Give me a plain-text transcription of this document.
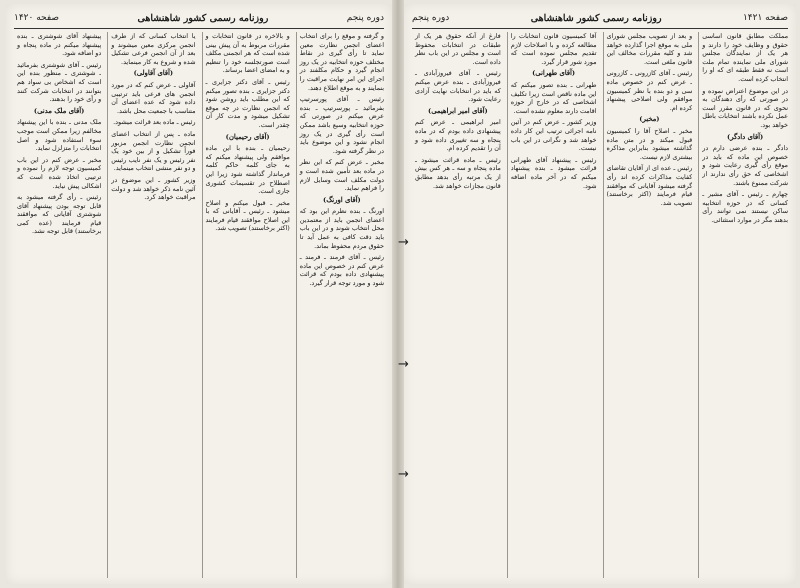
دوره پنجم
روزنامه رسمی کشور شاهنشاهی
صفحه ۱۴۲۰

و گرفته و موقع را برای انتخاب اعضای انجمن نظارت معین نماید تا رأی گیری در نقاط مختلف حوزه انتخابیه در یک روز انجام گیرد و حکام مکلفند در اجرای این امر نهایت مراقبت را بنمایند و به موقع اطلاع دهند.

رئیس ـ آقای پورسرتیپ بفرمائید ـ پورسرتیپ ـ بنده عرض میکنم در صورتی که حوزه انتخابیه وسیع باشد ممکن است رأی گیری در یک روز انجام نشود و این موضوع باید در نظر گرفته شود.

مخبر ـ عرض کنم که این نظر در ماده بعد تأمین شده است و دولت مکلف است وسایل لازم را فراهم نماید.

(آقای اورنگ)

اورنگ ـ بنده نظرم این بود که اعضای انجمن باید از معتمدین محل انتخاب شوند و در این باب باید دقت کافی به عمل آید تا حقوق مردم محفوظ بماند.

رئیس ـ آقای فرمند ـ فرمند ـ عرض کنم در خصوص این ماده پیشنهادی داده بودم که قرائت شود و مورد توجه قرار گیرد.

و بالاخره در قانون انتخابات و مقررات مربوط به آن پیش بینی شده است که هر انجمنی مکلف است صورتجلسه خود را تنظیم و به امضای اعضا برساند.

رئیس ـ آقای دکتر جزایری ـ دکتر جزایری ـ بنده تصور میکنم که این مطلب باید روشن شود که انجمن نظارت در چه موقع تشکیل میشود و مدت کار آن چقدر است.

(آقای رحیمیان)

رحیمیان ـ بنده با این ماده موافقم ولی پیشنهاد میکنم که به جای کلمه حاکم کلمه فرماندار گذاشته شود زیرا این اصطلاح در تقسیمات کشوری جاری است.

مخبر ـ قبول میکنم و اصلاح میشود ـ رئیس ـ آقایانی که با این اصلاح موافقند قیام فرمایند (اکثر برخاستند) تصویب شد.

یا انتخاب کسانی که از طرف انجمن مرکزی معین میشوند و بعد از آن انجمن فرعی تشکیل شده و شروع به کار مینماید.

(آقای آقاولی)

آقاولی ـ عرض کنم که در مورد انجمن های فرعی باید ترتیبی داده شود که عده اعضای آن متناسب با جمعیت محل باشد.

رئیس ـ ماده بعد قرائت میشود.

ماده ـ پس از انتخاب اعضای انجمن نظارت انجمن مزبور فوراً تشکیل و از بین خود یک نفر رئیس و یک نفر نایب رئیس و دو نفر منشی انتخاب مینماید.

وزیر کشور ـ این موضوع در آئین نامه ذکر خواهد شد و دولت مراقبت خواهد کرد.

پیشنهاد آقای شوشتری ـ بنده پیشنهاد میکنم در ماده پنجاه و دو اضافه شود.

رئیس ـ آقای شوشتری بفرمائید ـ شوشتری ـ منظور بنده این است که اشخاص بی سواد هم بتوانند در انتخابات شرکت کنند و رأی خود را بدهند.

(آقای ملک مدنی)

ملک مدنی ـ بنده با این پیشنهاد مخالفم زیرا ممکن است موجب سوء استفاده شود و اصل انتخابات را متزلزل نماید.

مخبر ـ عرض کنم در این باب کمیسیون توجه لازم را نموده و ترتیبی اتخاذ شده است که اشکالی پیش نیاید.

رئیس ـ رأی گرفته میشود به قابل توجه بودن پیشنهاد آقای شوشتری آقایانی که موافقند قیام فرمایند (عده کمی برخاستند) قابل توجه نشد.

صفحه ۱۴۲۱
روزنامه رسمی کشور شاهنشاهی
دوره پنجم

مملکت مطابق قانون اساسی حقوق و وظایف خود را دارند و هر یک از نمایندگان مجلس شورای ملی نماینده تمام ملت است نه فقط طبقه ای که او را انتخاب کرده است.

در این موضوع اعتراض نموده و در صورتی که رأی دهندگان به نحوی که در قانون مقرر است عمل نکرده باشند انتخابات باطل خواهد بود.

(آقای دادگر)

دادگر ـ بنده عرضی دارم در خصوص این ماده که باید در موقع رأی گیری رعایت شود و اشخاصی که حق رأی ندارند از شرکت ممنوع باشند.

چهارم ـ رئیس ـ آقای مشیر ـ کسانی که در حوزه انتخابیه ساکن نیستند نمی توانند رأی بدهند مگر در موارد استثنائی.

و بعد از تصویب مجلس شورای ملی به موقع اجرا گذارده خواهد شد و کلیه مقررات مخالف این قانون ملغی است.

رئیس ـ آقای کازرونی ـ کازرونی ـ عرض کنم در خصوص ماده سی و دو بنده با نظر کمیسیون موافقم ولی اصلاحی پیشنهاد کرده ام.

(مخبر)

مخبر ـ اصلاح آقا را کمیسیون قبول میکند و در متن ماده گذاشته میشود بنابراین مذاکره بیشتری لازم نیست.

رئیس ـ عده ای از آقایان تقاضای کفایت مذاکرات کرده اند رأی گرفته میشود آقایانی که موافقند قیام فرمایند (اکثر برخاستند) تصویب شد.

آقا کمیسیون قانون انتخابات را مطالعه کرده و با اصلاحات لازم تقدیم مجلس نموده است که مورد شور قرار گیرد.

(آقای طهرانی)

طهرانی ـ بنده تصور میکنم که این ماده ناقص است زیرا تکلیف اشخاصی که در خارج از حوزه اقامت دارند معلوم نشده است.

وزیر کشور ـ عرض کنم در آئین نامه اجرائی ترتیب این کار داده خواهد شد و نگرانی در این باب نیست.

رئیس ـ پیشنهاد آقای طهرانی قرائت میشود ـ بنده پیشنهاد میکنم که در آخر ماده اضافه شود.

فارغ از آنکه حقوق هر یک از طبقات در انتخابات محفوظ است و مجلس در این باب نظر داده است.

رئیس ـ آقای فیروزآبادی ـ فیروزآبادی ـ بنده عرض میکنم که باید در انتخابات نهایت آزادی رعایت شود.

(آقای امیر ابراهیمی)

امیر ابراهیمی ـ عرض کنم پیشنهادی داده بودم که در ماده پنجاه و سه تغییری داده شود و آن را تقدیم کرده ام.

رئیس ـ ماده قرائت میشود ـ ماده پنجاه و سه ـ هر کس بیش از یک مرتبه رأی بدهد مطابق قانون مجازات خواهد شد.

→
→
→
